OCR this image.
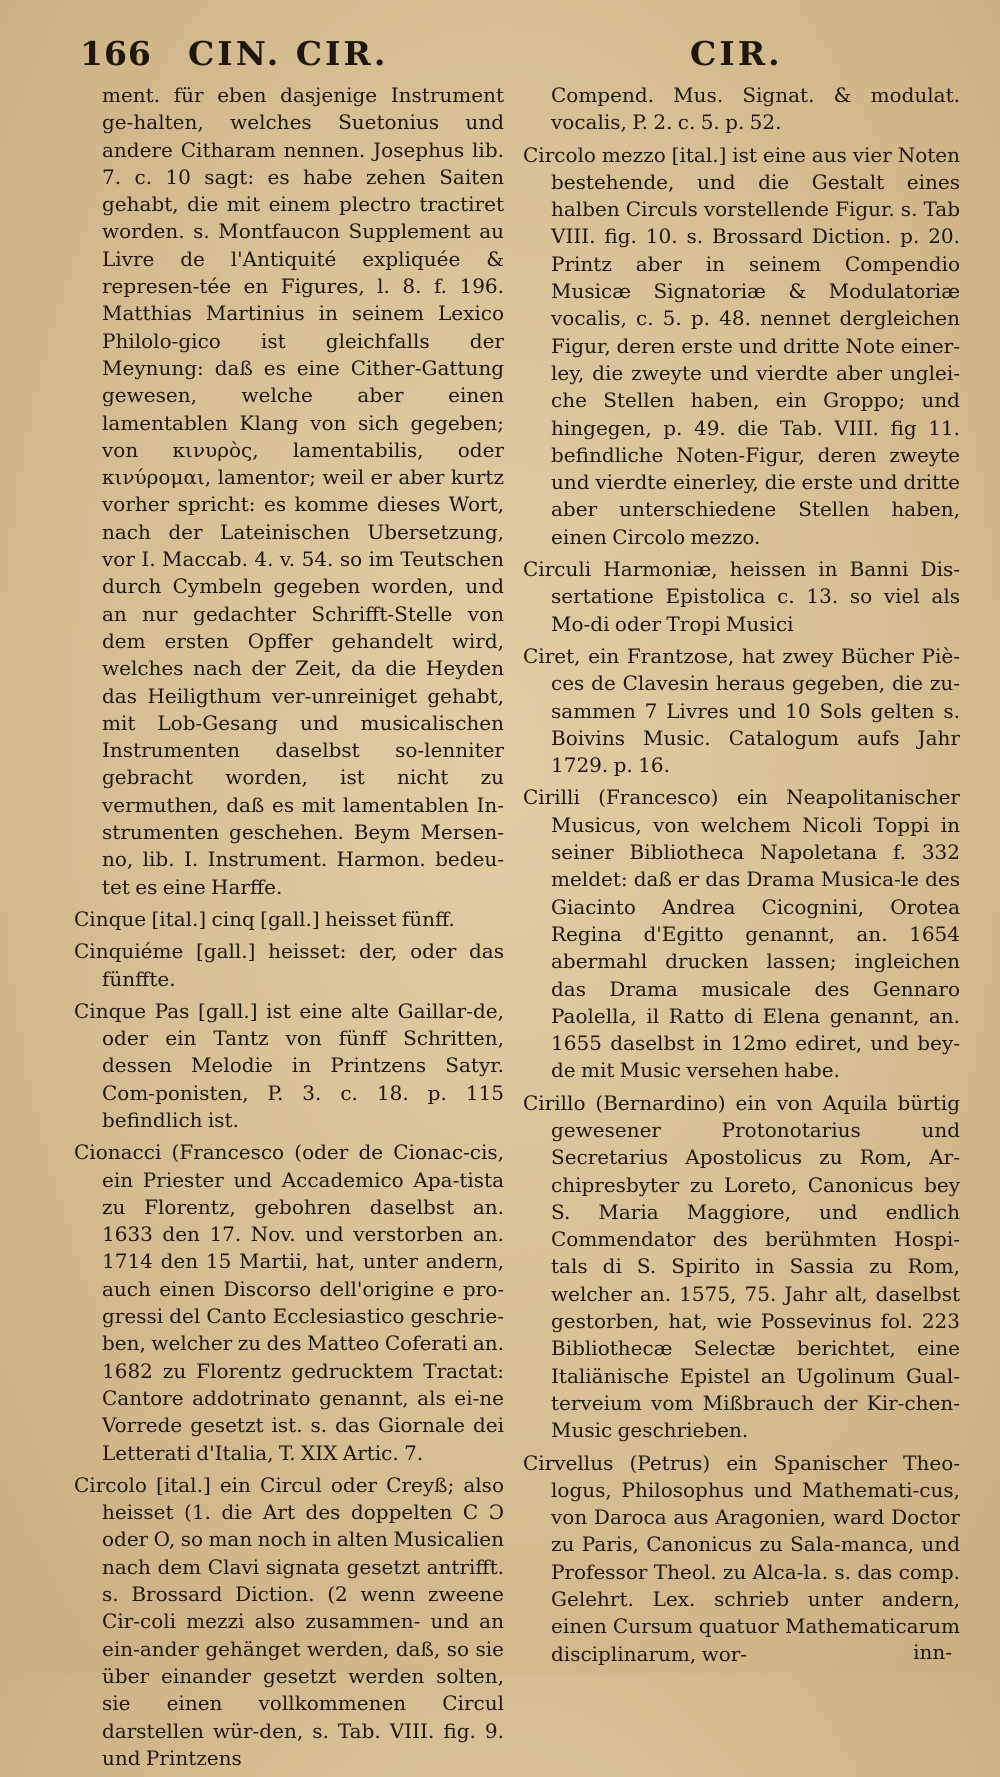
166 CIN. CIR.	CIR.

ment. für eben dasjenige Instrument ge-halten, welches Suetonius und andere Citharam nennen. Josephus lib. 7. c. 10 sagt: es habe zehen Saiten gehabt, die mit einem plectro tractiret worden. s. Montfaucon Supplement au Livre de l'Antiquité expliquée & represen-tée en Figures, l. 8. f. 196. Matthias Martinius in seinem Lexico Philolo-gico ist gleichfalls der Meynung: daß es eine Cither-Gattung gewesen, welche aber einen lamentablen Klang von sich gegeben; von κινυρὸς, lamentabilis, oder κινύρομαι, lamentor; weil er aber kurtz vorher spricht: es komme dieses Wort, nach der Lateinischen Ubersetzung, vor I. Maccab. 4. v. 54. so im Teutschen durch Cymbeln gegeben worden, und an nur gedachter Schrifft-Stelle von dem ersten Opffer gehandelt wird, welches nach der Zeit, da die Heyden das Heiligthum ver-unreiniget gehabt, mit Lob-Gesang und musicalischen Instrumenten daselbst so-lenniter gebracht worden, ist nicht zu vermuthen, daß es mit lamentablen In-strumenten geschehen. Beym Mersen-no, lib. I. Instrument. Harmon. bedeu-tet es eine Harffe.

Cinque [ital.] cinq [gall.] heisset fünff.

Cinquiéme [gall.] heisset: der, oder das fünffte.

Cinque Pas [gall.] ist eine alte Gaillar-de, oder ein Tantz von fünff Schritten, dessen Melodie in Printzens Satyr. Com-ponisten, P. 3. c. 18. p. 115 befindlich ist.

Cionacci (Francesco (oder de Cionac-cis, ein Priester und Accademico Apa-tista zu Florentz, gebohren daselbst an. 1633 den 17. Nov. und verstorben an. 1714 den 15 Martii, hat, unter andern, auch einen Discorso dell'origine e pro-gressi del Canto Ecclesiastico geschrie-ben, welcher zu des Matteo Coferati an. 1682 zu Florentz gedrucktem Tractat: Cantore addotrinato genannt, als ei-ne Vorrede gesetzt ist. s. das Giornale dei Letterati d'Italia, T. XIX Artic. 7.

Circolo [ital.] ein Circul oder Creyß; also heisset (1. die Art des doppelten C Ɔ oder O, so man noch in alten Musicalien nach dem Clavi signata gesetzt antrifft. s. Brossard Diction. (2 wenn zweene Cir-coli mezzi also zusammen- und an ein-ander gehänget werden, daß, so sie über einander gesetzt werden solten, sie einen vollkommenen Circul darstellen wür-den, s. Tab. VIII. fig. 9. und Printzens

Compend. Mus. Signat. & modulat. vocalis, P. 2. c. 5. p. 52.

Circolo mezzo [ital.] ist eine aus vier Noten bestehende, und die Gestalt eines halben Circuls vorstellende Figur. s. Tab VIII. fig. 10. s. Brossard Diction. p. 20. Printz aber in seinem Compendio Musicæ Signatoriæ & Modulatoriæ vocalis, c. 5. p. 48. nennet dergleichen Figur, deren erste und dritte Note einer-ley, die zweyte und vierdte aber unglei-che Stellen haben, ein Groppo; und hingegen, p. 49. die Tab. VIII. fig 11. befindliche Noten-Figur, deren zweyte und vierdte einerley, die erste und dritte aber unterschiedene Stellen haben, einen Circolo mezzo.

Circuli Harmoniæ, heissen in Banni Dis-sertatione Epistolica c. 13. so viel als Mo-di oder Tropi Musici

Ciret, ein Frantzose, hat zwey Bücher Piè-ces de Clavesin heraus gegeben, die zu-sammen 7 Livres und 10 Sols gelten s. Boivins Music. Catalogum aufs Jahr 1729. p. 16.

Cirilli (Francesco) ein Neapolitanischer Musicus, von welchem Nicoli Toppi in seiner Bibliotheca Napoletana f. 332 meldet: daß er das Drama Musica-le des Giacinto Andrea Cicognini, Orotea Regina d'Egitto genannt, an. 1654 abermahl drucken lassen; ingleichen das Drama musicale des Gennaro Paolella, il Ratto di Elena genannt, an. 1655 daselbst in 12mo ediret, und bey-de mit Music versehen habe.

Cirillo (Bernardino) ein von Aquila bürtig gewesener Protonotarius und Secretarius Apostolicus zu Rom, Ar-chipresbyter zu Loreto, Canonicus bey S. Maria Maggiore, und endlich Commendator des berühmten Hospi-tals di S. Spirito in Sassia zu Rom, welcher an. 1575, 75. Jahr alt, daselbst gestorben, hat, wie Possevinus fol. 223 Bibliothecæ Selectæ berichtet, eine Italiänische Epistel an Ugolinum Gual-terveium vom Mißbrauch der Kir-chen-Music geschrieben.

Cirvellus (Petrus) ein Spanischer Theo-logus, Philosophus und Mathemati-cus, von Daroca aus Aragonien, ward Doctor zu Paris, Canonicus zu Sala-manca, und Professor Theol. zu Alca-la. s. das comp. Gelehrt. Lex. schrieb unter andern, einen Cursum quatuor Mathematicarum disciplinarum, wor-	inn-
